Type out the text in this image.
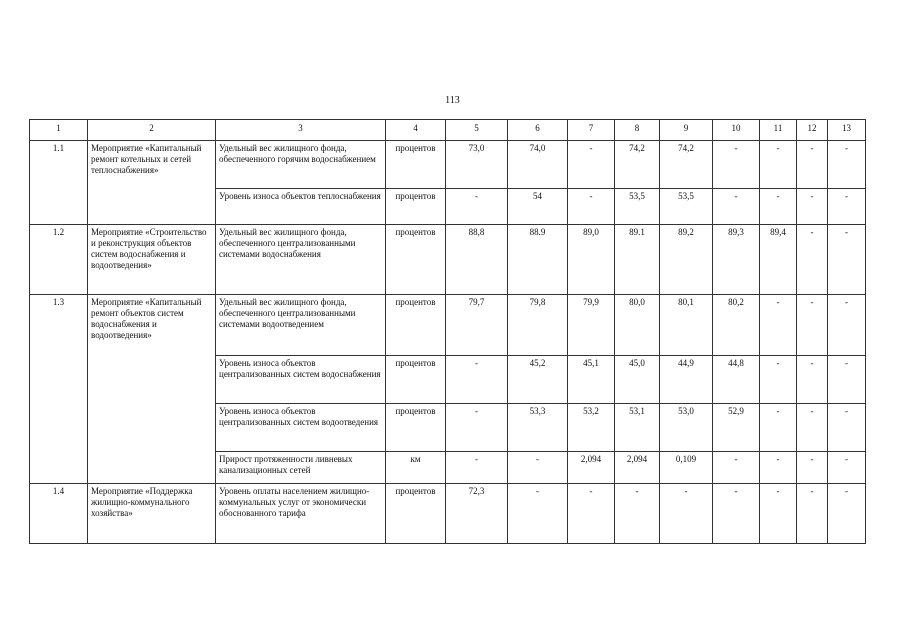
113
1	2	3	4	5	6	7	8	9	10	11	12	13
1.1	Мероприятие «Капитальный ремонт котельных и сетей теплоснабжения»	Удельный вес жилищного фонда, обеспеченного горячим водоснабжением	процентов	73,0	74,0	-	74,2	74,2	-	-	-	-
		Уровень износа объектов теплоснабжения	процентов	-	54	-	53,5	53,5	-	-	-	-
1.2	Мероприятие «Строительство и реконструкция объектов систем водоснабжения и водоотведения»	Удельный вес жилищного фонда, обеспеченного централизованными системами водоснабжения	процентов	88,8	88.9	89,0	89.1	89,2	89,3	89,4	-	-
1.3	Мероприятие «Капитальный ремонт объектов систем водоснабжения и водоотведения»	Удельный вес жилищного фонда, обеспеченного централизованными системами водоотведением	процентов	79,7	79,8	79,9	80,0	80,1	80,2	-	-	-
		Уровень износа объектов централизованных систем водоснабжения	процентов	-	45,2	45,1	45,0	44,9	44,8	-	-	-
		Уровень износа объектов централизованных систем водоотведения	процентов	-	53,3	53,2	53,1	53,0	52,9	-	-	-
		Прирост протяженности ливневых канализационных сетей	км	-	-	2,094	2,094	0,109	-	-	-	-
1.4	Мероприятие «Поддержка жилищно-коммунального хозяйства»	Уровень оплаты населением жилищно-коммунальных услуг от экономически обоснованного тарифа	процентов	72,3	-	-	-	-	-	-	-	-
